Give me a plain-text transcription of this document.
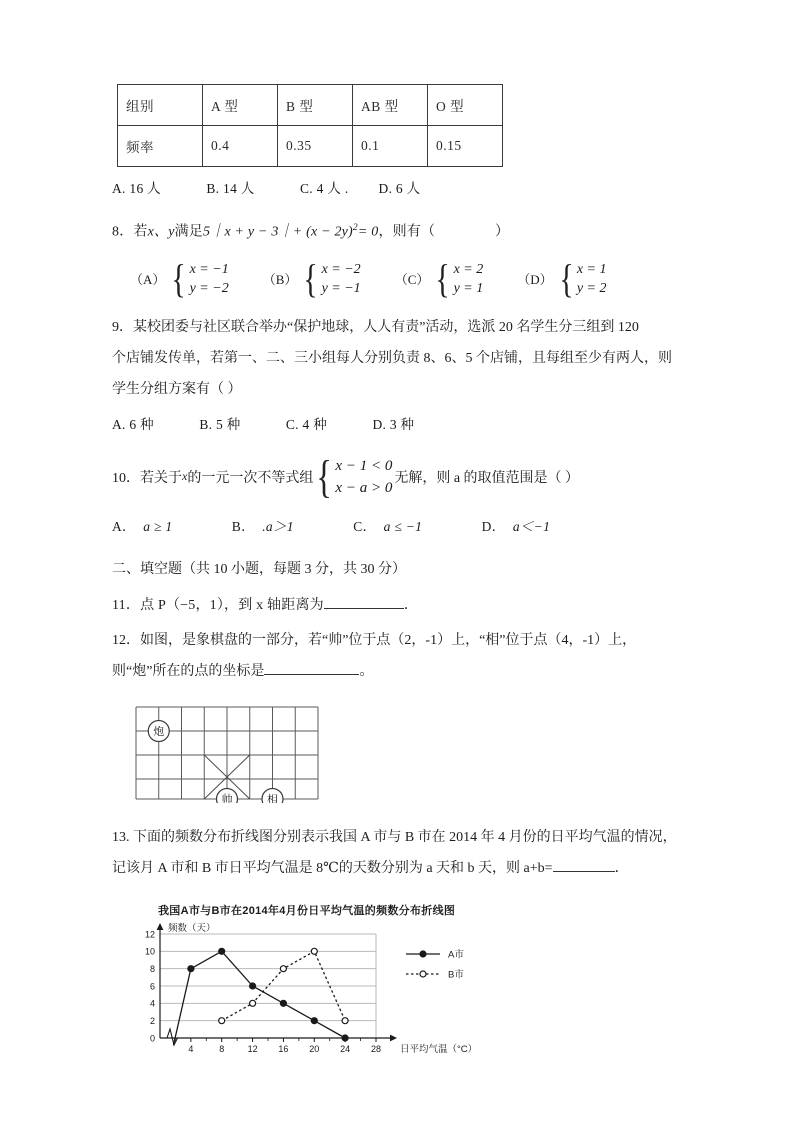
组别	A 型	B 型	AB 型	O 型
频率	0.4	0.35	0.1	0.15
A. 16 人	B. 14 人	C. 4 人 . D. 6 人
8．若x、y满足5｜x + y − 3｜+ $(x - 2y)^2= 0$，则有（	）
（A） { x = −1
y = −2
（B） { x = −2
y = −1
（C） { x = 2
y = 1
（D） { x = 1
y = 2
9．某校团委与社区联合举办“保护地球，人人有责”活动，选派 20 名学生分三组到 120
个店铺发传单，若第一、二、三小组每人分别负责 8、6、5 个店铺，且每组至少有两人，则
学生分组方案有（ ）
A. 6 种	B. 5 种	C. 4 种	D. 3 种
10．若关于 x 的一元一次不等式组 { x − 1 < 0
x − a > 0
无解，则 a 的取值范围是（ ）
A． a ≥ 1	B． .a＞1	C． a ≤ −1	D． a＜−1
二、填空题（共 10 小题，每题 3 分，共 30 分）
11．点 P（−5，1），到 x 轴距离为	．
12．如图，是象棋盘的一部分，若“帅”位于点（2，-1）上，“相”位于点（4，-1）上，
则“炮”所在的点的坐标是	。
炮
帅	相
13. 下面的频数分布折线图分别表示我国 A 市与 B 市在 2014 年 4 月份的日平均气温的情况，
记该月 A 市和 B 市日平均气温是 8℃的天数分别为 a 天和 b 天，则 a+b=	．
我国A市与B市在2014年4月份日平均气温的频数分布折线图
0
2
4
6
8
10
12
4	8	12 16 20 24 28
A市
B市
频数（天）
日平均气温（°C）
